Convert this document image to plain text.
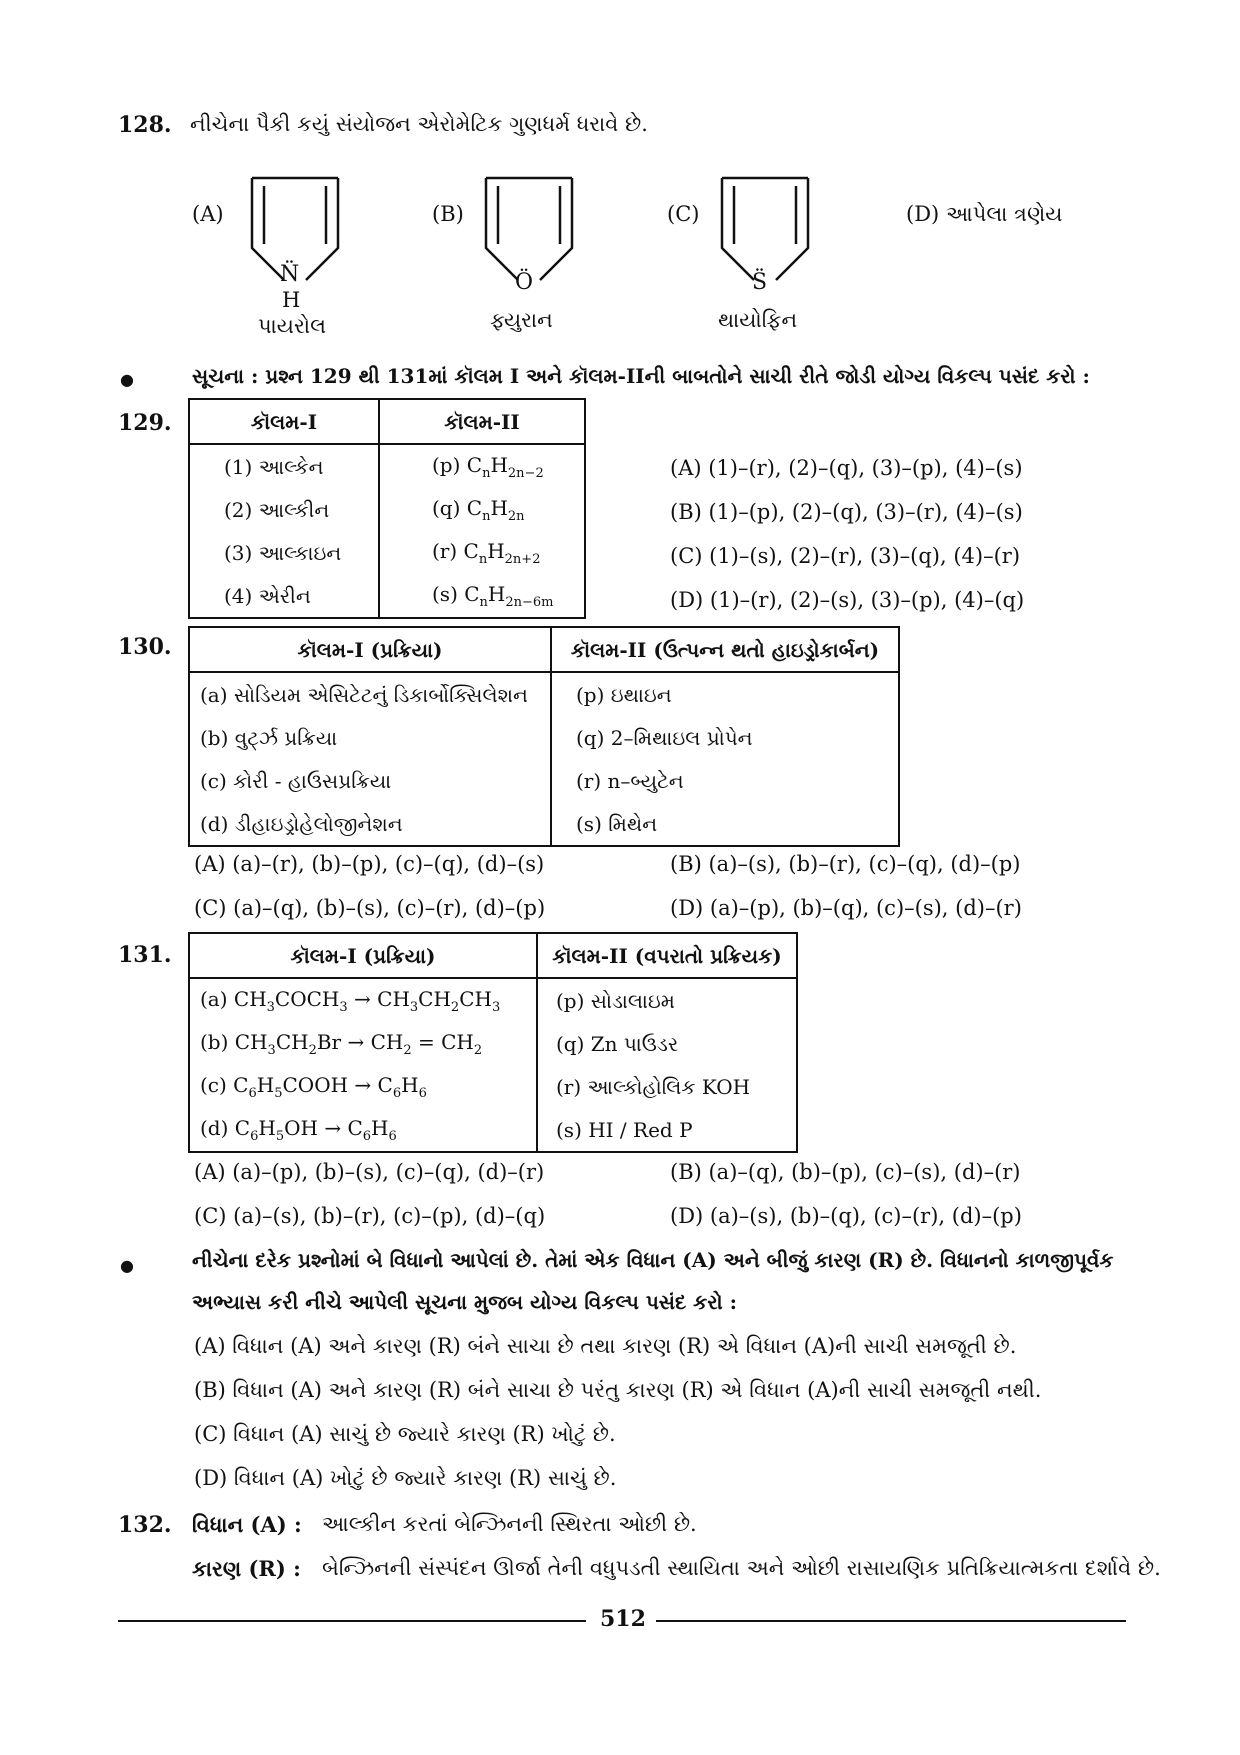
128. નીચેના પૈકી કયું સંયોજન એરોમેટિક ગુણધર્મ ધરાવે છે.
(A)
N̈
H
પાયરોલ
(B)
Ö
ફ્યુરાન
(C)
S̈
થાયોફિન
(D) આપેલા ત્રણેય
●	સૂચના : પ્રશ્ન 129 થી 131માં કૉલમ I અને કૉલમ-IIની બાબતોને સાચી રીતે જોડી યોગ્ય વિકલ્પ પસંદ કરો :
129.	કૉલમ-I	કૉલમ-II
(1) આલ્કેન	(p) $C_nH_{2n-2}$
(2) આલ્કીન	(q) $C_nH_{2n}$
(3) આલ્કાઇન	(r) $C_nH_{2n+2}$
(4) એરીન	(s) $C_nH_{2n-6m}$
(A) (1)–(r), (2)–(q), (3)–(p), (4)–(s)
(B) (1)–(p), (2)–(q), (3)–(r), (4)–(s)
(C) (1)–(s), (2)–(r), (3)–(q), (4)–(r)
(D) (1)–(r), (2)–(s), (3)–(p), (4)–(q)
130.	કૉલમ-I (પ્રક્રિયા)	કૉલમ-II (ઉત્પન્ન થતો હાઇડ્રોકાર્બન)
(a) સોડિયમ એસિટેટનું ડિકાર્બોક્સિલેશન	(p) ઇથાઇન
(b) વુર્ટ્ઝ પ્રક્રિયા	(q) 2–મિથાઇલ પ્રોપેન
(c) કોરી - હાઉસપ્રક્રિયા	(r) n–બ્યુટેન
(d) ડીહાઇડ્રોહેલોજીનેશન	(s) મિથેન
(A) (a)–(r), (b)–(p), (c)–(q), (d)–(s)	(B) (a)–(s), (b)–(r), (c)–(q), (d)–(p)
(C) (a)–(q), (b)–(s), (c)–(r), (d)–(p)	(D) (a)–(p), (b)–(q), (c)–(s), (d)–(r)
131.	કૉલમ-I (પ્રક્રિયા)	કૉલમ-II (વપરાતો પ્રક્રિયક)
(a) $CH_3COCH_3 \to CH_3CH_2CH_3$	(p) સોડાલાઇમ
(b) $CH_3CH_2Br \to CH_2 = CH_2$	(q) Zn પાઉડર
(c) $C_6H_5COOH \to C_6H_6$	(r) આલ્કોહોલિક KOH
(d) $C_6H_5OH \to C_6H_6$	(s) HI / Red P
(A) (a)–(p), (b)–(s), (c)–(q), (d)–(r)	(B) (a)–(q), (b)–(p), (c)–(s), (d)–(r)
(C) (a)–(s), (b)–(r), (c)–(p), (d)–(q)	(D) (a)–(s), (b)–(q), (c)–(r), (d)–(p)
●	નીચેના દરેક પ્રશ્નોમાં બે વિધાનો આપેલાં છે. તેમાં એક વિધાન (A) અને બીજું કારણ (R) છે. વિધાનનો કાળજીપૂર્વક
અભ્યાસ કરી નીચે આપેલી સૂચના મુજબ યોગ્ય વિકલ્પ પસંદ કરો :
(A) વિધાન (A) અને કારણ (R) બંને સાચા છે તથા કારણ (R) એ વિધાન (A)ની સાચી સમજૂતી છે.
(B) વિધાન (A) અને કારણ (R) બંને સાચા છે પરંતુ કારણ (R) એ વિધાન (A)ની સાચી સમજૂતી નથી.
(C) વિધાન (A) સાચું છે જ્યારે કારણ (R) ખોટું છે.
(D) વિધાન (A) ખોટું છે જ્યારે કારણ (R) સાચું છે.
132. વિધાન (A) : આલ્કીન કરતાં બેન્ઝિનની સ્થિરતા ઓછી છે.
કારણ (R) : બેન્ઝિનની સંસ્પંદન ઊર્જા તેની વધુપડતી સ્થાયિતા અને ઓછી રાસાયણિક પ્રતિક્રિયાત્મકતા દર્શાવે છે.
512
